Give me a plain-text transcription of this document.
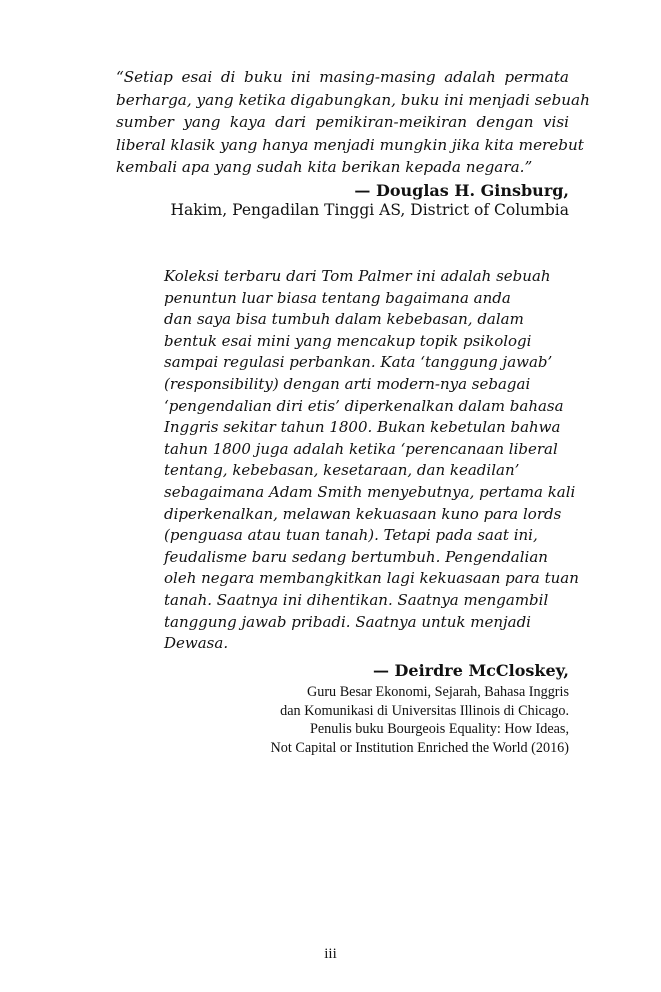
“Setiap esai di buku ini masing-masing adalah permata
berharga, yang ketika digabungkan, buku ini menjadi sebuah
sumber yang kaya dari pemikiran-meikiran dengan visi
liberal klasik yang hanya menjadi mungkin jika kita merebut
kembali apa yang sudah kita berikan kepada negara.”
— Douglas H. Ginsburg,
Hakim, Pengadilan Tinggi AS, District of Columbia
Koleksi terbaru dari Tom Palmer ini adalah sebuah
penuntun luar biasa tentang bagaimana anda
dan saya bisa tumbuh dalam kebebasan, dalam
bentuk esai mini yang mencakup topik psikologi
sampai regulasi perbankan. Kata ‘tanggung jawab’
(responsibility) dengan arti modern-nya sebagai
‘pengendalian diri etis’ diperkenalkan dalam bahasa
Inggris sekitar tahun 1800. Bukan kebetulan bahwa
tahun 1800 juga adalah ketika ‘perencanaan liberal
tentang, kebebasan, kesetaraan, dan keadilan’
sebagaimana Adam Smith menyebutnya, pertama kali
diperkenalkan, melawan kekuasaan kuno para lords
(penguasa atau tuan tanah). Tetapi pada saat ini,
feudalisme baru sedang bertumbuh. Pengendalian
oleh negara membangkitkan lagi kekuasaan para tuan
tanah. Saatnya ini dihentikan. Saatnya mengambil
tanggung jawab pribadi. Saatnya untuk menjadi
Dewasa.
— Deirdre McCloskey,
Guru Besar Ekonomi, Sejarah, Bahasa Inggris
dan Komunikasi di Universitas Illinois di Chicago.
Penulis buku Bourgeois Equality: How Ideas,
Not Capital or Institution Enriched the World (2016)
iii
